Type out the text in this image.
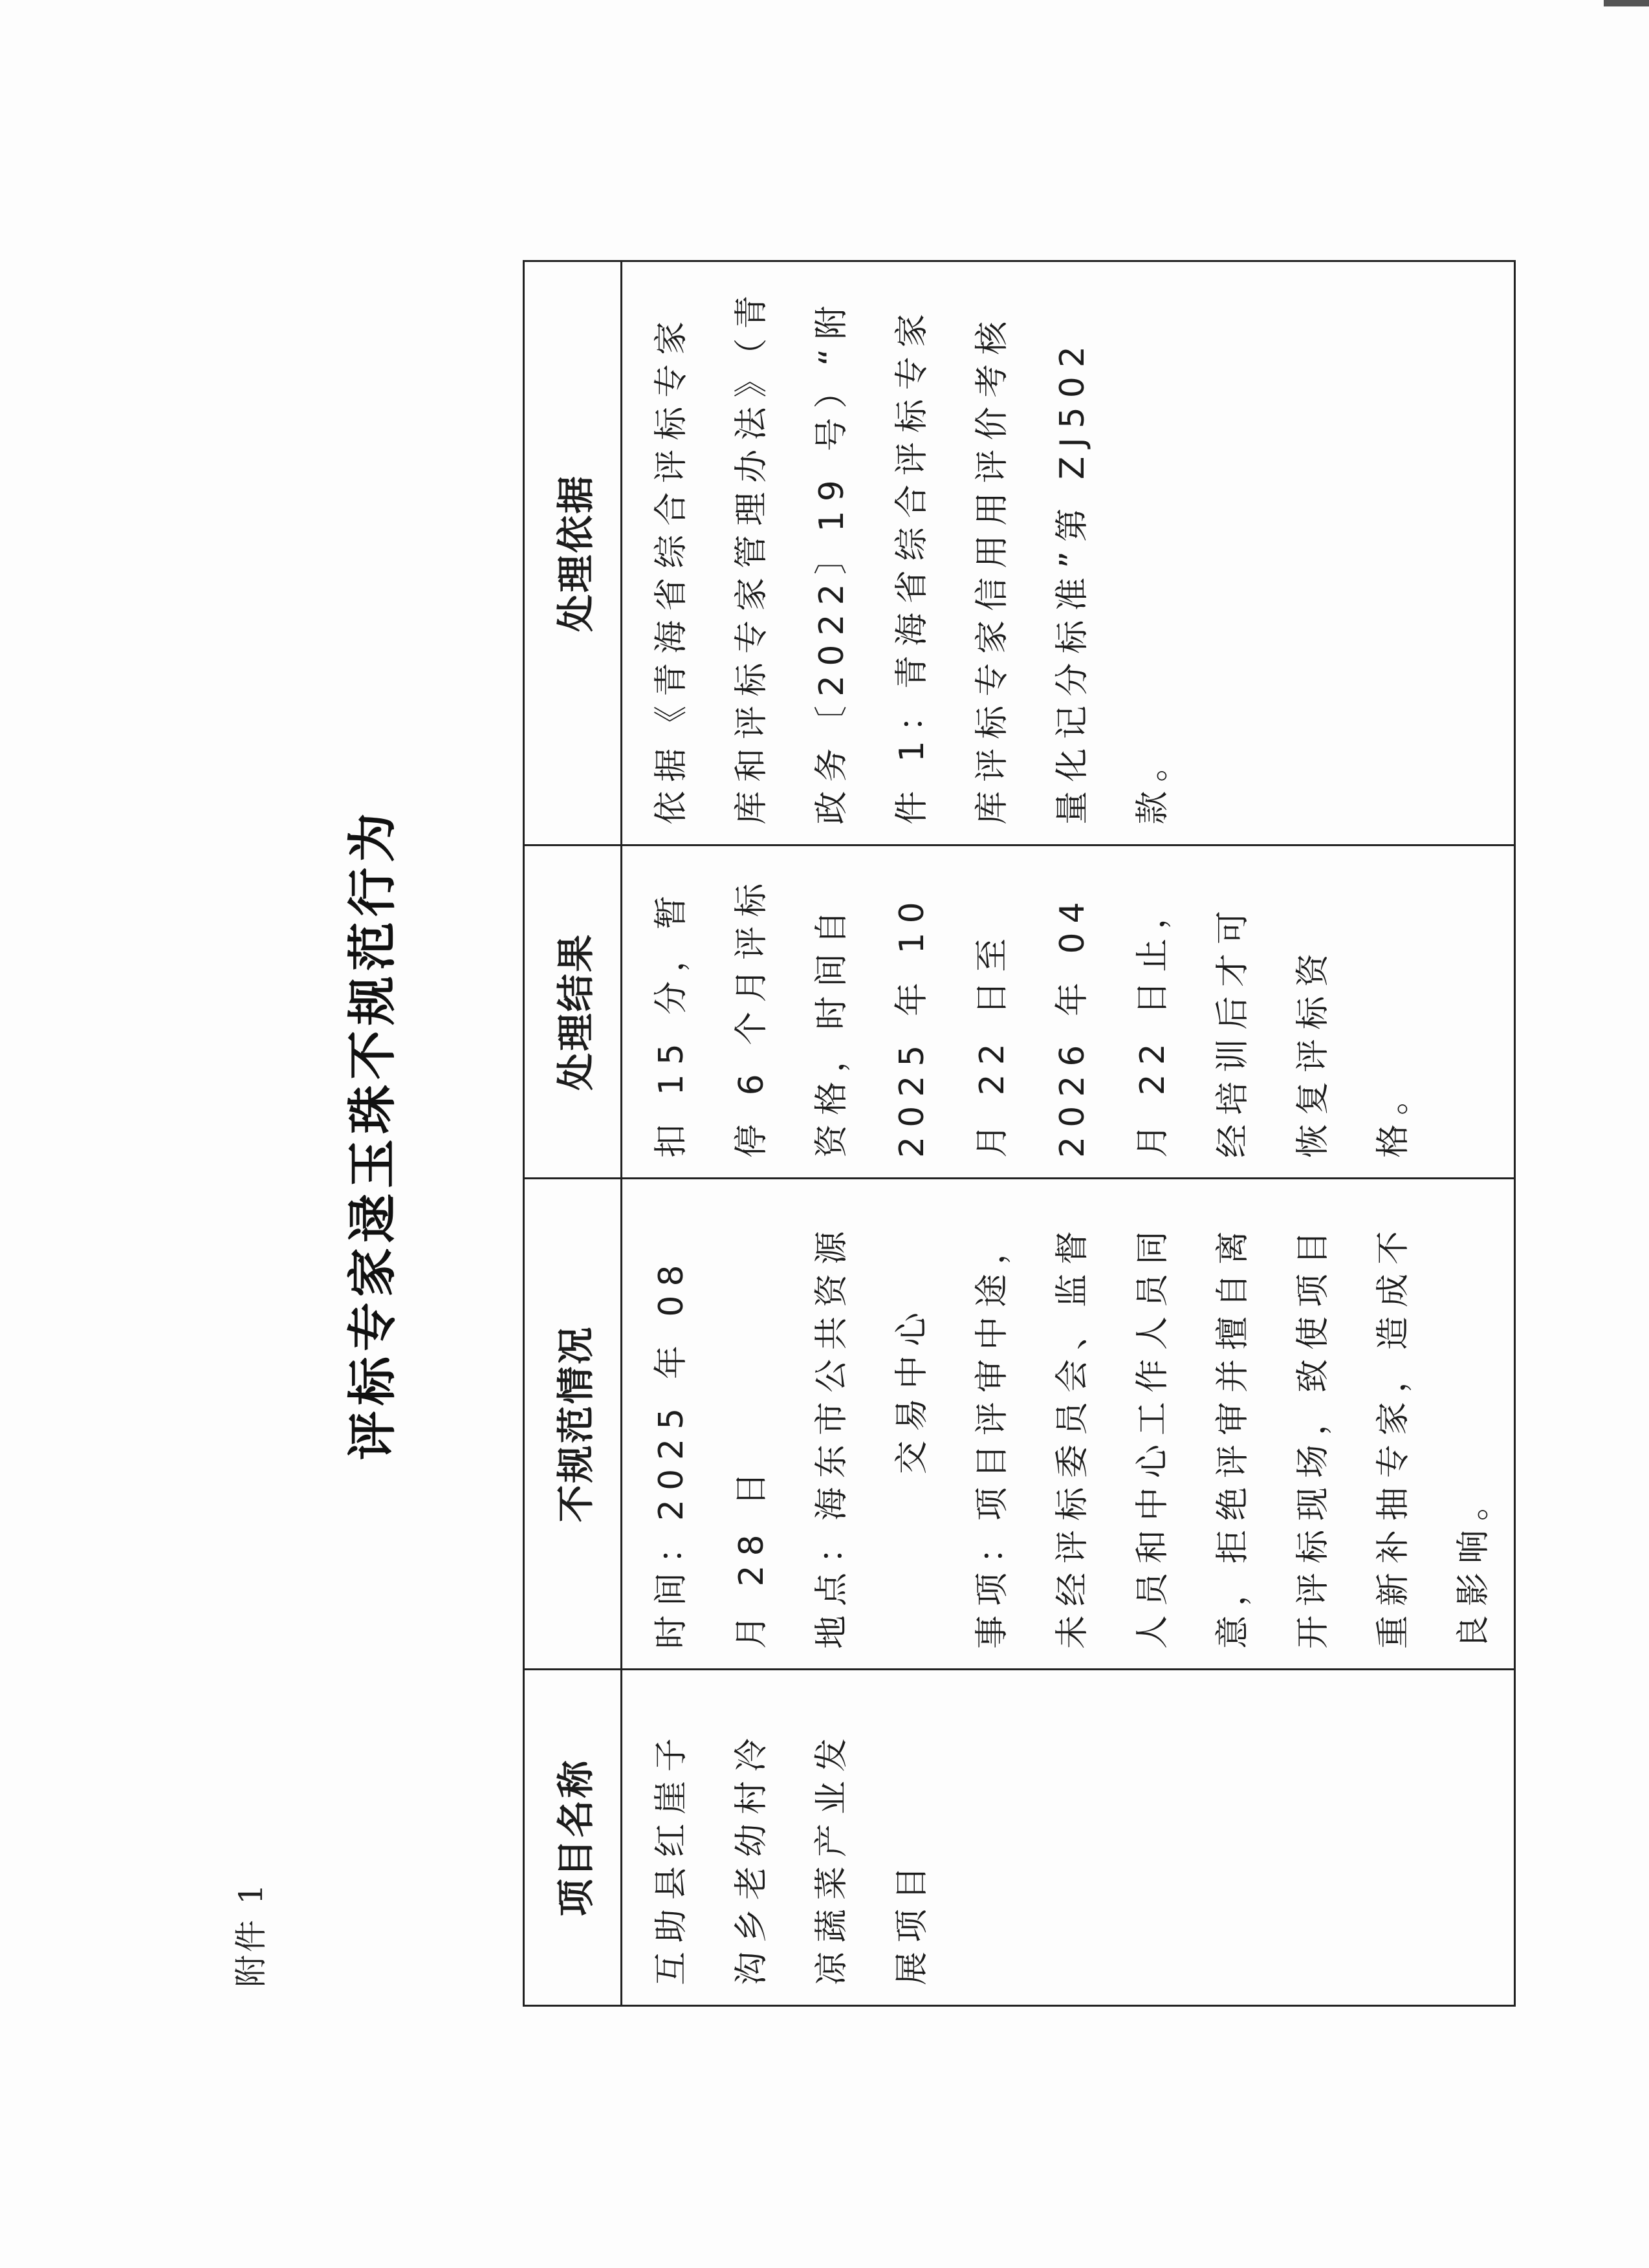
附件 1
评标专家逯玉珠不规范行为
项目名称	不规范情况	处理结果	处理依据
互助县红崖子沟乡老幼村冷凉蔬菜产业发展项目	时间：2025 年 08 月 28 日 地点：海东市公共资源 交易中心 事项：项目评审中途，未经评标委员会、监督人员和中心工作人员同意，拒绝评审并擅自离开评标现场，致使项目重新补抽专家，造成不良影响。	扣 15 分，暂停 6 个月评标资格，时间自 2025 年 10 月 22 日至 2026 年 04 月 22 日止，经培训后才可恢复评标资格。	依据《青海省综合评标专家库和评标专家管理办法》（青政务〔2022〕19 号）“附件 1：青海省综合评标专家库评标专家信用用评价考核量化记分标准”第 ZJ502 款。
